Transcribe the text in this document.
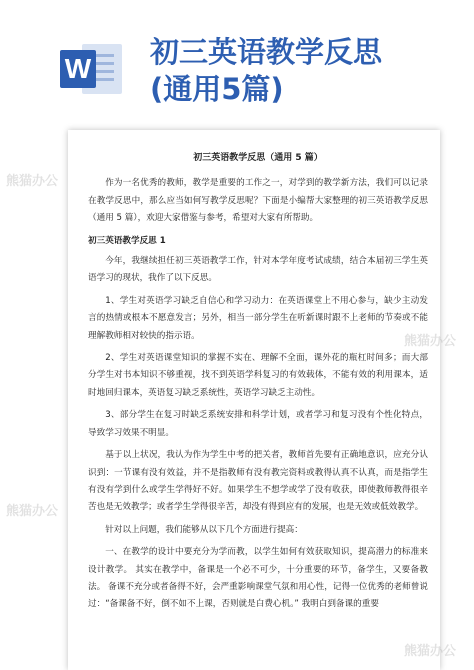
W 初三英语教学反思
(通用5篇)
初三英语教学反思（通用 5 篇）

作为一名优秀的教师，教学是重要的工作之一，对学到的教学新方法，我们可以记录在教学反思中，那么应当如何写教学反思呢？下面是小编帮大家整理的初三英语教学反思（通用 5 篇），欢迎大家借鉴与参考，希望对大家有所帮助。

初三英语教学反思 1

今年，我继续担任初三英语教学工作，针对本学年度考试成绩，结合本届初三学生英语学习的现状，我作了以下反思。

1、学生对英语学习缺乏自信心和学习动力：在英语课堂上不用心参与，缺少主动发言的热情或根本不愿意发言；另外，相当一部分学生在听新课时跟不上老师的节奏或不能理解教师相对较快的指示语。

2、学生对英语课堂知识的掌握不实在、理解不全面，课外花的瓶杠时间多；而大部分学生对书本知识不够重视，找不到英语学科复习的有效载体，不能有效的利用课本，适时地回归课本，英语复习缺乏系统性，英语学习缺乏主动性。

3、部分学生在复习时缺乏系统安排和科学计划，或者学习和复习没有个性化特点，导致学习效果不明显。

基于以上状况，我认为作为学生中考的把关者，教师首先要有正确地意识，应充分认识到：一节课有没有效益，并不是指教师有没有教完资料或教得认真不认真，而是指学生有没有学到什么或学生学得好不好。如果学生不想学或学了没有收获，即使教师教得很辛苦也是无效教学；或者学生学得很辛苦，却没有得到应有的发展，也是无效或低效教学。

针对以上问题，我们能够从以下几个方面进行提高：

一、在教学的设计中要充分为学而教，以学生如何有效获取知识，提高潜力的标准来设计教学。 其实在教学中，备课是一个必不可少，十分重要的环节，备学生，又要备教法。 备课不充分或者备得不好，会严重影响课堂气氛和用心性，记得一位优秀的老师曾说过：“备课备不好，倒不如不上课，否则就是白费心机。” 我明白到备课的重要

熊猫办公
熊猫办公
熊猫办公
熊猫办公
